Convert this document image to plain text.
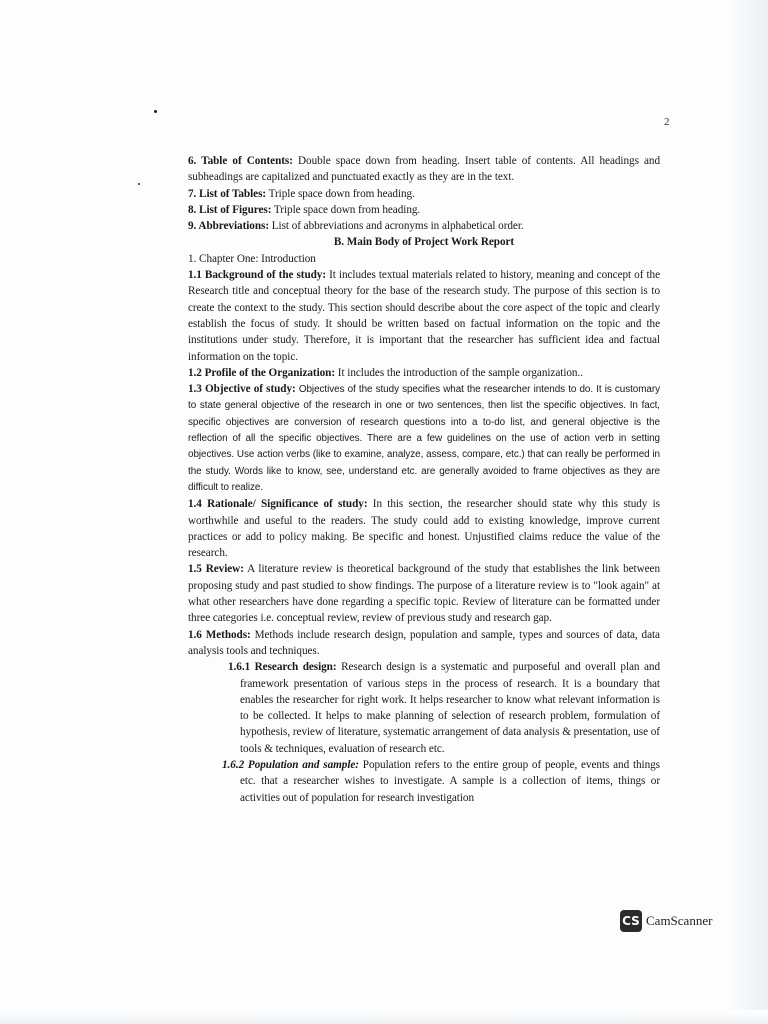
2

6. Table of Contents: Double space down from heading. Insert table of contents. All headings and subheadings are capitalized and punctuated exactly as they are in the text.

7. List of Tables: Triple space down from heading.

8. List of Figures: Triple space down from heading.

9. Abbreviations: List of abbreviations and acronyms in alphabetical order.

B. Main Body of Project Work Report

1. Chapter One: Introduction

1.1 Background of the study: It includes textual materials related to history, meaning and concept of the Research title and conceptual theory for the base of the research study. The purpose of this section is to create the context to the study. This section should describe about the core aspect of the topic and clearly establish the focus of study. It should be written based on factual information on the topic and the institutions under study. Therefore, it is important that the researcher has sufficient idea and factual information on the topic.

1.2 Profile of the Organization: It includes the introduction of the sample organization..

1.3 Objective of study: Objectives of the study specifies what the researcher intends to do. It is customary to state general objective of the research in one or two sentences, then list the specific objectives. In fact, specific objectives are conversion of research questions into a to-do list, and general objective is the reflection of all the specific objectives. There are a few guidelines on the use of action verb in setting objectives. Use action verbs (like to examine, analyze, assess, compare, etc.) that can really be performed in the study. Words like to know, see, understand etc. are generally avoided to frame objectives as they are difficult to realize.

1.4 Rationale/ Significance of study: In this section, the researcher should state why this study is worthwhile and useful to the readers. The study could add to existing knowledge, improve current practices or add to policy making. Be specific and honest. Unjustified claims reduce the value of the research.

1.5 Review: A literature review is theoretical background of the study that establishes the link between proposing study and past studied to show findings. The purpose of a literature review is to "look again" at what other researchers have done regarding a specific topic. Review of literature can be formatted under three categories i.e. conceptual review, review of previous study and research gap.

1.6 Methods: Methods include research design, population and sample, types and sources of data, data analysis tools and techniques.

1.6.1 Research design: Research design is a systematic and purposeful and overall plan and framework presentation of various steps in the process of research. It is a boundary that enables the researcher for right work. It helps researcher to know what relevant information is to be collected. It helps to make planning of selection of research problem, formulation of hypothesis, review of literature, systematic arrangement of data analysis & presentation, use of tools & techniques, evaluation of research etc.

1.6.2 Population and sample: Population refers to the entire group of people, events and things etc. that a researcher wishes to investigate. A sample is a collection of items, things or activities out of population for research investigation

CS CamScanner
